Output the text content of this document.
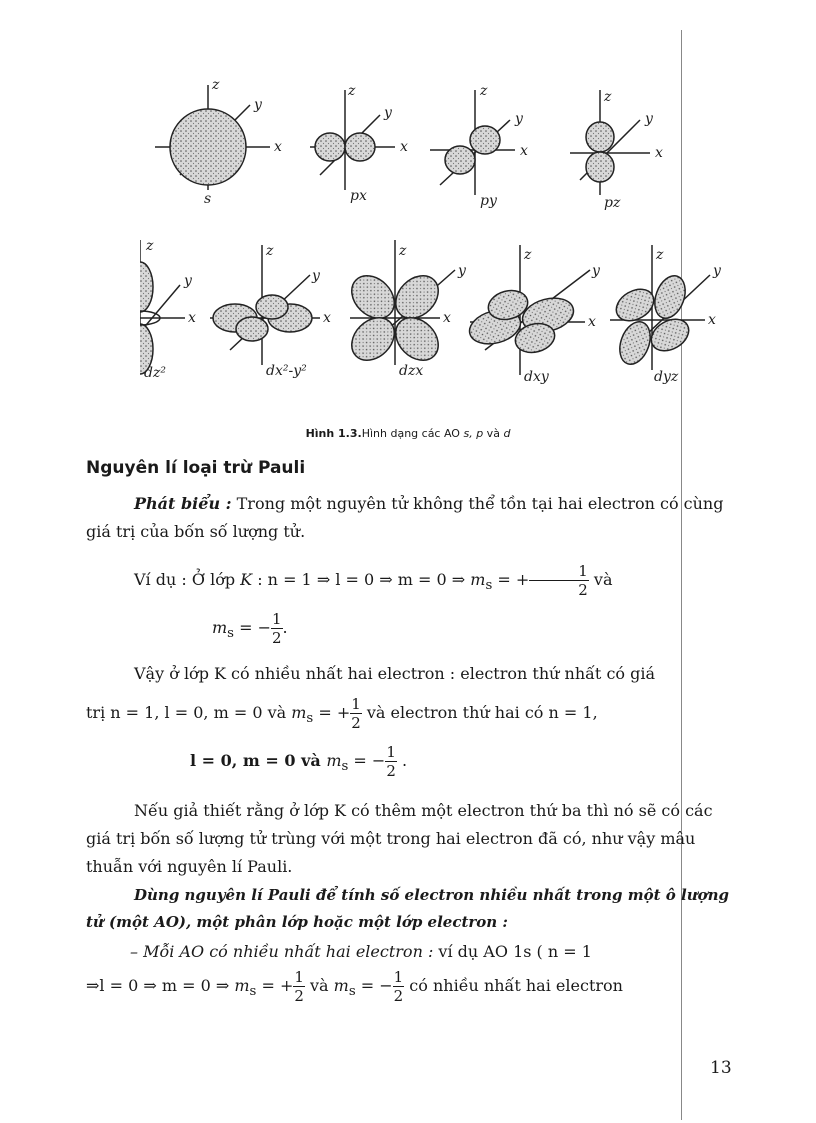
z
y
x
s
z
y
x
px
z
y
x
py
z
y
x
pz
z
y
x
dz²
z
y
x
dx²-y²
z
y
x
dzx
z
y
x
dxy
z
y
x
dyz
Hình 1.3.Hình dạng các AO s, p và d
Nguyên lí loại trừ Pauli
Phát biểu : Trong một nguyên tử không thể tồn tại hai electron có cùng giá trị của bốn số lượng tử.
Ví dụ : Ở lớp K : n = 1 ⇒ l = 0 ⇒ m = 0 ⇒ $m_s$ = + $\frac{1}{2}$ và
$m_s$ = − $\frac{1}{2}$ .
Vậy ở lớp K có nhiều nhất hai electron : electron thứ nhất có giá
trị n = 1, l = 0, m = 0 và $m_s$ = + $\frac{1}{2}$ và electron thứ hai có n = 1,
l = 0, m = 0 và $m_s$ = − $\frac{1}{2}$ .
Nếu giả thiết rằng ở lớp K có thêm một electron thứ ba thì nó sẽ có các giá trị bốn số lượng tử trùng với một trong hai electron đã có, như vậy mâu thuẫn với nguyên lí Pauli.
Dùng nguyên lí Pauli để tính số electron nhiều nhất trong một ô lượng tử (một AO), một phân lớp hoặc một lớp electron :
– Mỗi AO có nhiều nhất hai electron : ví dụ AO 1s ( n = 1
⇒l = 0 ⇒ m = 0 ⇒ $m_s$ = + $\frac{1}{2}$ và $m_s$ = − $\frac{1}{2}$ có nhiều nhất hai electron
13
